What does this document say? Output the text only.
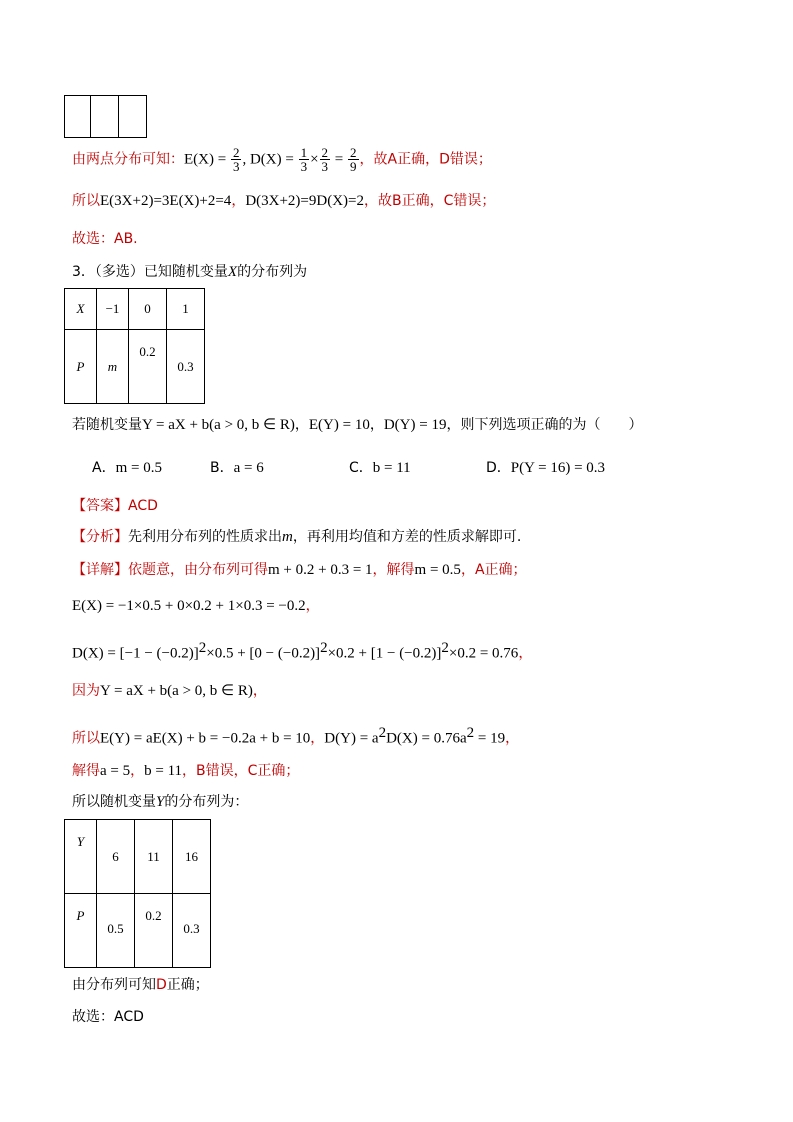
由两点分布可知：$E(X) = \frac{2}{3}$ , $D(X) = \frac{1}{3} \times \frac{2}{3} = \frac{2}{9}$ ，故A正确，D错误；
所以E(3X+2)=3E(X)+2=4，D(3X+2)=9D(X)=2，故B正确，C错误；
故选：AB.
3．（多选）已知随机变量X的分布列为
X	−1	0	1
P	m	0.2	0.3
若随机变量Y = aX + b(a > 0, b ∈ R)，E(Y) = 10，D(Y) = 19，则下列选项正确的为（　　）
A．m = 0.5	B．a = 6	C．b = 11	D．P(Y = 16) = 0.3
【答案】ACD
【分析】先利用分布列的性质求出m，再利用均值和方差的性质求解即可.
【详解】依题意，由分布列可得m + 0.2 + 0.3 = 1，解得m = 0.5，A正确；
E(X) = −1×0.5 + 0×0.2 + 1×0.3 = −0.2，
$D(X) = [-1 - (-0.2)]^2\times 0.5 + [0 - (-0.2)]^2\times 0.2 + [1 - (-0.2)]^2\times 0.2 = 0.76$，
因为Y = aX + b(a > 0, b ∈ R)，
所以E(Y) = aE(X) + b = −0.2a + b = 10，$D(Y) = a^2D(X) = 0.76a^2 = 19$，
解得a = 5，b = 11，B错误，C正确；
所以随机变量Y的分布列为：
Y	6	11	16

P	0.5	0.2	0.3
由分布列可知D正确；
故选：ACD
